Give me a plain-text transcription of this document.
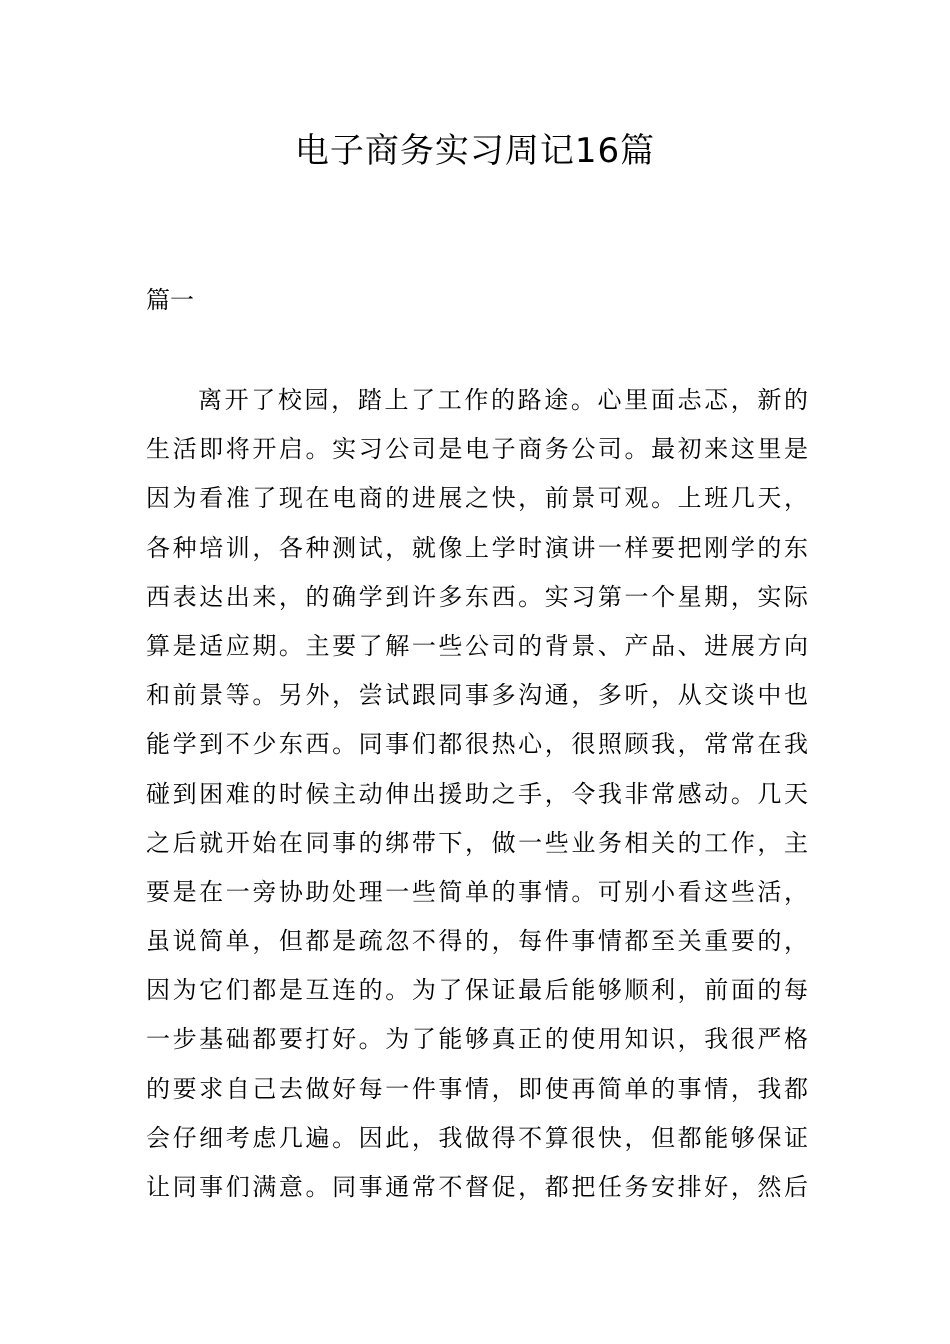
电子商务实习周记16篇
篇一
离开了校园，踏上了工作的路途。心里面忐忑，新的
生活即将开启。实习公司是电子商务公司。最初来这里是
因为看准了现在电商的进展之快，前景可观。上班几天，
各种培训，各种测试，就像上学时演讲一样要把刚学的东
西表达出来，的确学到许多东西。实习第一个星期，实际
算是适应期。主要了解一些公司的背景、产品、进展方向
和前景等。另外，尝试跟同事多沟通，多听，从交谈中也
能学到不少东西。同事们都很热心，很照顾我，常常在我
碰到困难的时候主动伸出援助之手，令我非常感动。几天
之后就开始在同事的绑带下，做一些业务相关的工作，主
要是在一旁协助处理一些简单的事情。可别小看这些活，
虽说简单，但都是疏忽不得的，每件事情都至关重要的，
因为它们都是互连的。为了保证最后能够顺利，前面的每
一步基础都要打好。为了能够真正的使用知识，我很严格
的要求自己去做好每一件事情，即使再简单的事情，我都
会仔细考虑几遍。因此，我做得不算很快，但都能够保证
让同事们满意。同事通常不督促，都把任务安排好，然后
